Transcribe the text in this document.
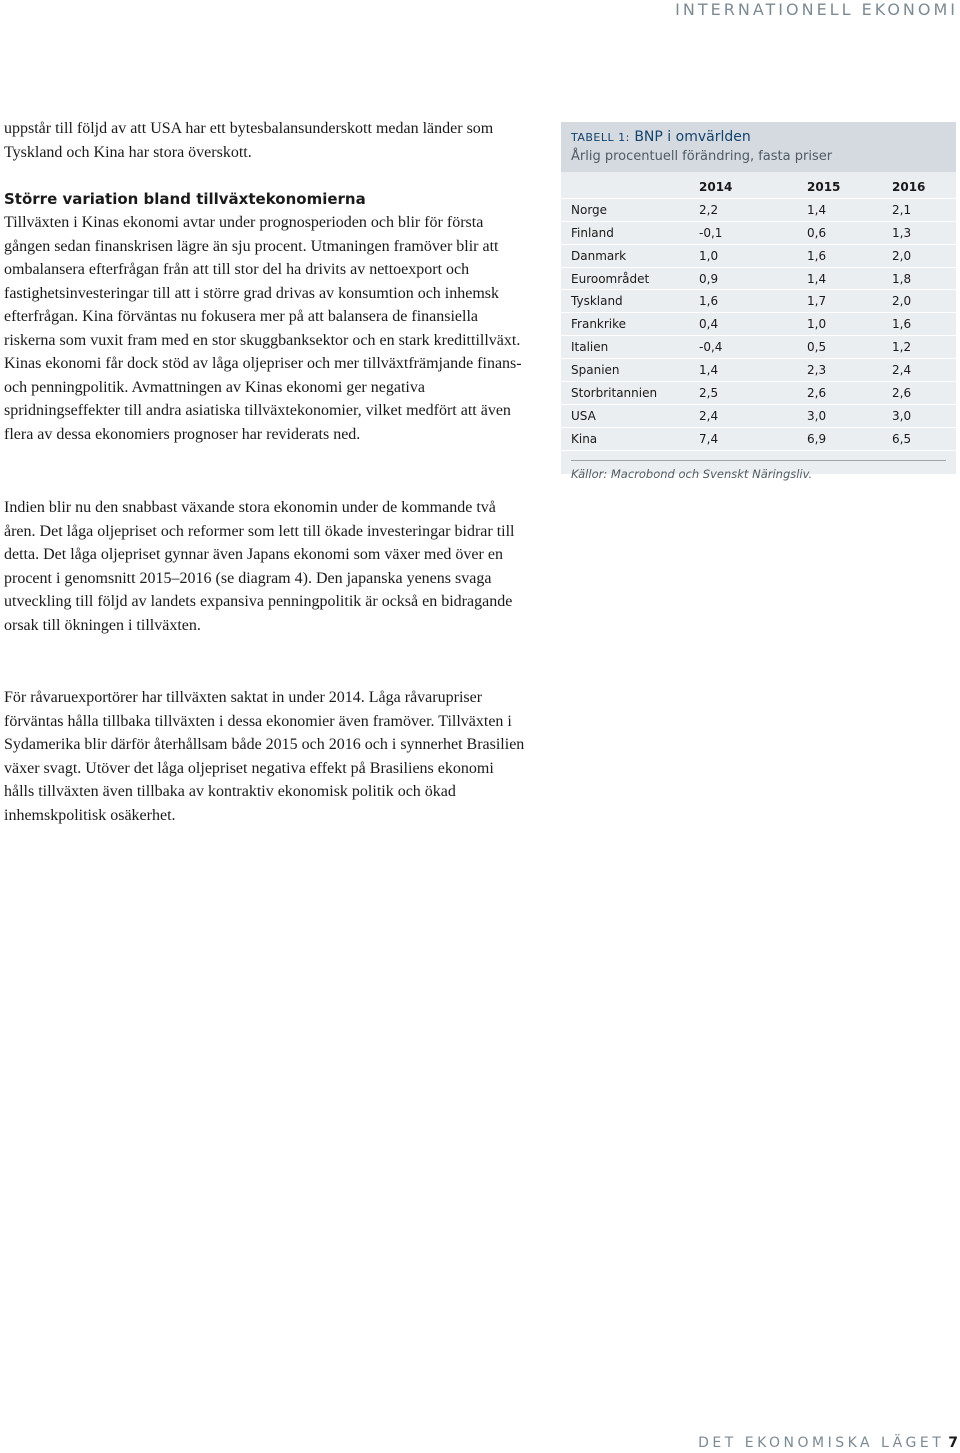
INTERNATIONELL EKONOMI

uppstår till följd av att USA har ett bytesbalansunderskott medan länder som Tyskland och Kina har stora överskott.

Större variation bland tillväxtekonomierna

Tillväxten i Kinas ekonomi avtar under prognosperioden och blir för första gången sedan finanskrisen lägre än sju procent. Utmaningen framöver blir att ombalansera efterfrågan från att till stor del ha drivits av nettoexport och fastighetsinvesteringar till att i större grad drivas av konsumtion och inhemsk efterfrågan. Kina förväntas nu fokusera mer på att balansera de finansiella riskerna som vuxit fram med en stor skuggbanksektor och en stark kredittillväxt. Kinas ekonomi får dock stöd av låga oljepriser och mer tillväxtfrämjande finans- och penningpolitik. Avmattningen av Kinas ekonomi ger negativa spridningseffekter till andra asiatiska tillväxtekonomier, vilket medfört att även flera av dessa ekonomiers prognoser har reviderats ned.

Indien blir nu den snabbast växande stora ekonomin under de kommande två åren. Det låga oljepriset och reformer som lett till ökade investeringar bidrar till detta. Det låga oljepriset gynnar även Japans ekonomi som växer med över en procent i genomsnitt 2015–2016 (se diagram 4). Den japanska yenens svaga utveckling till följd av landets expansiva penningpolitik är också en bidragande orsak till ökningen i tillväxten.

För råvaruexportörer har tillväxten saktat in under 2014. Låga råvarupriser förväntas hålla tillbaka tillväxten i dessa ekonomier även framöver. Tillväxten i Sydamerika blir därför återhållsam både 2015 och 2016 och i synnerhet Brasilien växer svagt. Utöver det låga oljepriset negativa effekt på Brasiliens ekonomi hålls tillväxten även tillbaka av kontraktiv ekonomisk politik och ökad inhemskpolitisk osäkerhet.

TABELL 1: BNP i omvärlden
Årlig procentuell förändring, fasta priser
	2014	2015	2016
Norge	2,2	1,4	2,1
Finland	-0,1	0,6	1,3
Danmark	1,0	1,6	2,0
Euroområdet	0,9	1,4	1,8
Tyskland	1,6	1,7	2,0
Frankrike	0,4	1,0	1,6
Italien	-0,4	0,5	1,2
Spanien	1,4	2,3	2,4
Storbritannien	2,5	2,6	2,6
USA	2,4	3,0	3,0
Kina	7,4	6,9	6,5
Källor: Macrobond och Svenskt Näringsliv.
DET EKONOMISKA LÄGET 7
